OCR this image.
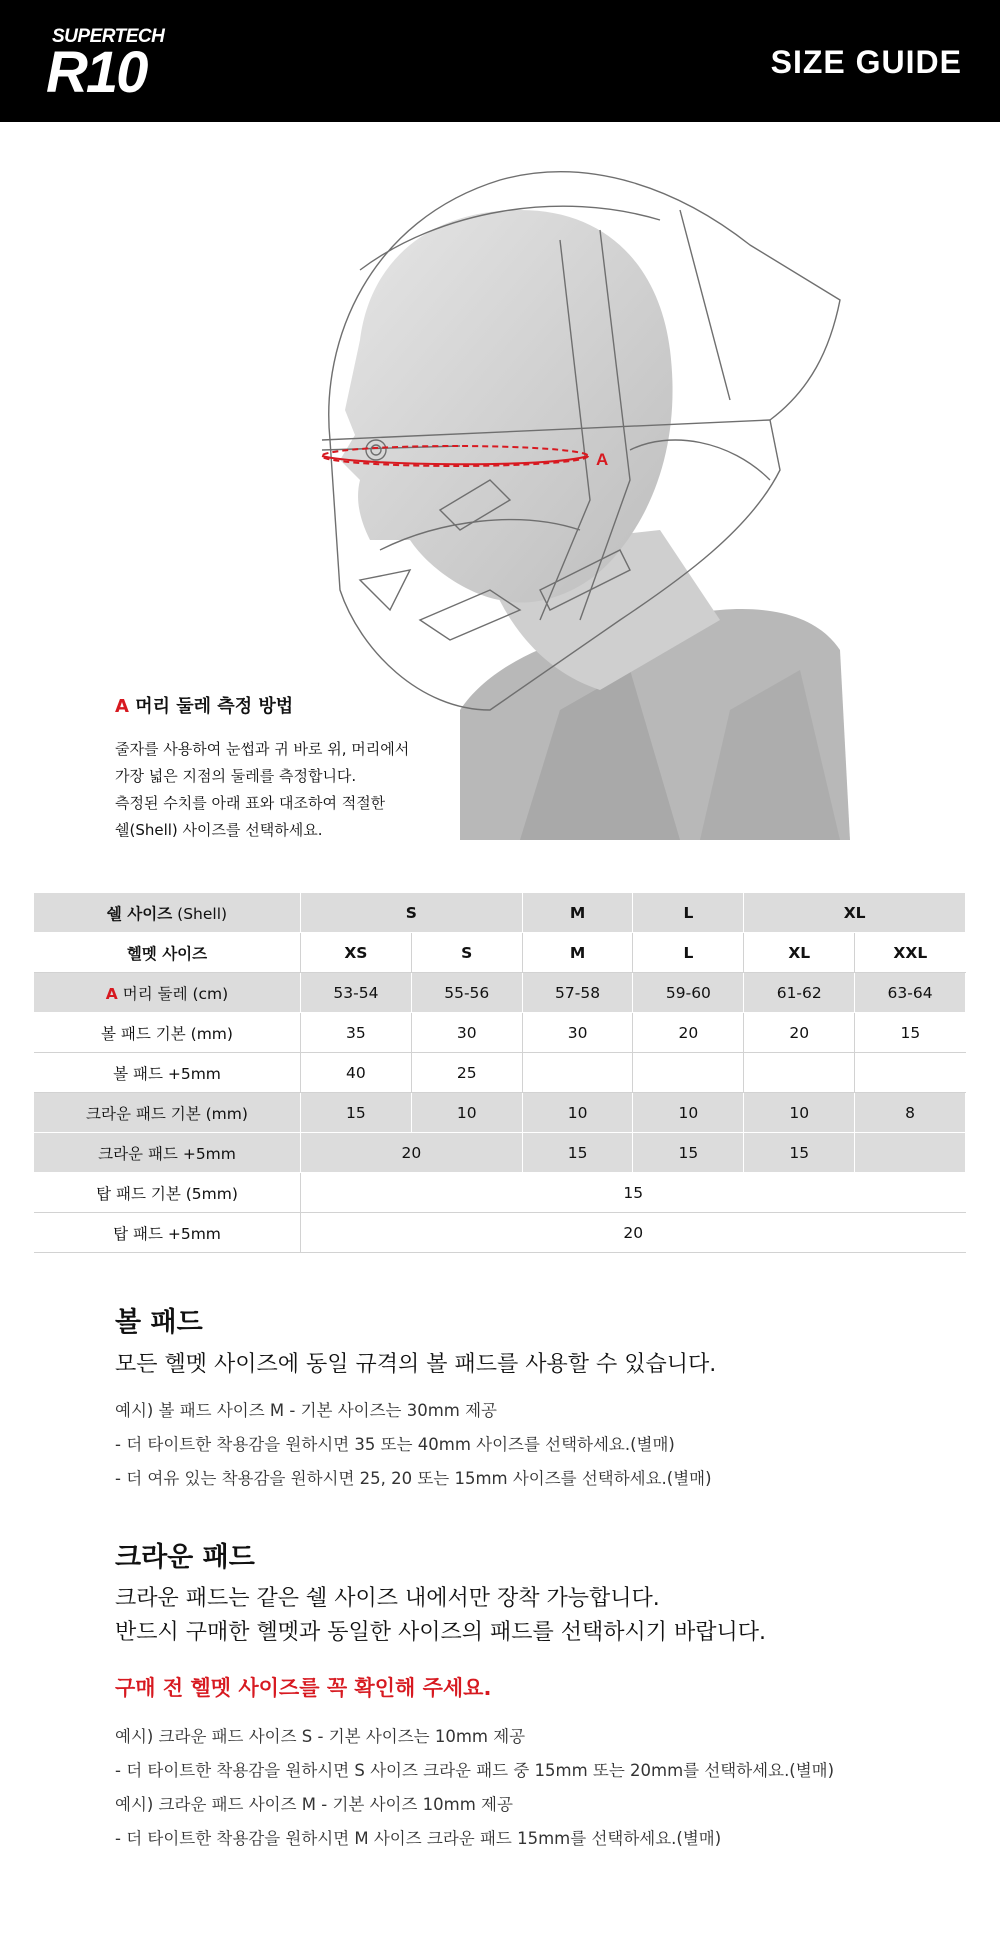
SUPERTECH
R10	SIZE GUIDE
A
A 머리 둘레 측정 방법
줄자를 사용하여 눈썹과 귀 바로 위, 머리에서
가장 넓은 지점의 둘레를 측정합니다.
측정된 수치를 아래 표와 대조하여 적절한
쉘(Shell) 사이즈를 선택하세요.
쉘 사이즈 (Shell)	S		M	L	XL	
헬멧 사이즈	XS	S	M	L	XL	XXL
A 머리 둘레 (cm)	53-54	55-56	57-58	59-60	61-62	63-64
볼 패드 기본 (mm)	35	30	30	20	20	15
볼 패드 +5mm	40	25				
크라운 패드 기본 (mm)	15	10	10	10	10	8
크라운 패드 +5mm	20		15	15	15	
탑 패드 기본 (5mm)	15					
탑 패드 +5mm	20					
볼 패드
모든 헬멧 사이즈에 동일 규격의 볼 패드를 사용할 수 있습니다.
예시) 볼 패드 사이즈 M - 기본 사이즈는 30mm 제공
- 더 타이트한 착용감을 원하시면 35 또는 40mm 사이즈를 선택하세요.(별매)
- 더 여유 있는 착용감을 원하시면 25, 20 또는 15mm 사이즈를 선택하세요.(별매)
크라운 패드
크라운 패드는 같은 쉘 사이즈 내에서만 장착 가능합니다.
반드시 구매한 헬멧과 동일한 사이즈의 패드를 선택하시기 바랍니다.
구매 전 헬멧 사이즈를 꼭 확인해 주세요.
예시) 크라운 패드 사이즈 S - 기본 사이즈는 10mm 제공
- 더 타이트한 착용감을 원하시면 S 사이즈 크라운 패드 중 15mm 또는 20mm를 선택하세요.(별매)
예시) 크라운 패드 사이즈 M - 기본 사이즈 10mm 제공
- 더 타이트한 착용감을 원하시면 M 사이즈 크라운 패드 15mm를 선택하세요.(별매)
